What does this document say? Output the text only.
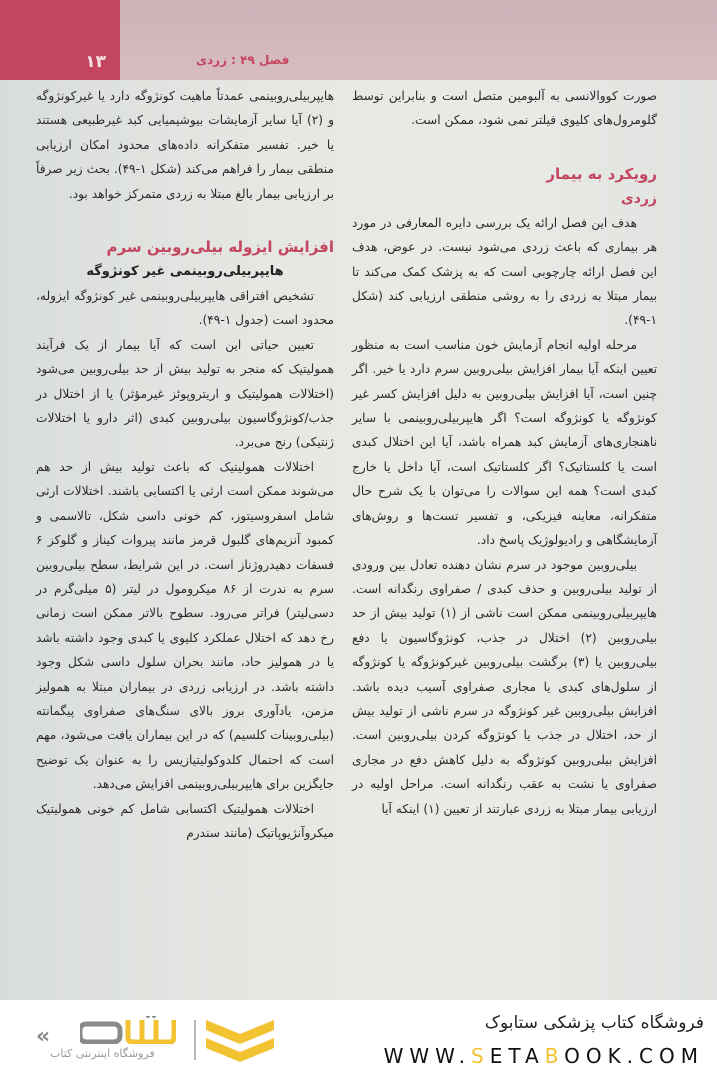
۱۳	فصل ۴۹ : زردی

صورت کووالانسی به آلبومین متصل است و بنابراین توسط گلومرول‌های کلیوی فیلتر نمی شود، ممکن است.

رویکرد به بیمار
زردی

هدف این فصل ارائه یک بررسی دایره المعارفی در مورد هر بیماری که باعث زردی می‌شود نیست. در عوض، هدف این فصل ارائه چارچوبی است که به پزشک کمک می‌کند تا بیمار مبتلا به زردی را به روشی منطقی ارزیابی کند (شکل ۱-۴۹).

مرحله اولیه انجام آزمایش خون مناسب است به منظور تعیین اینکه آیا بیمار افزایش بیلی‌روبین سرم دارد یا خیر. اگر چنین است، آیا افزایش بیلی‌روبین به دلیل افزایش کسر غیر کونژوگه یا کونژوگه است؟ اگر هایپربیلی‌روبینمی با سایر ناهنجاری‌های آزمایش کبد همراه باشد، آیا این اختلال کبدی است یا کلستاتیک؟ اگر کلستاتیک است، آیا داخل یا خارج کبدی است؟ همه این سوالات را می‌توان با یک شرح حال متفکرانه، معاینه فیزیکی، و تفسیر تست‌ها و روش‌های آزمایشگاهی و رادیولوژیک پاسخ داد.

بیلی‌روبین موجود در سرم نشان دهنده تعادل بین ورودی از تولید بیلی‌روبین و حذف کبدی / صفراوی رنگدانه است. هایپربیلی‌روبینمی ممکن است ناشی از (۱) تولید بیش از حد بیلی‌روبین (۲) اختلال در جذب، کونژوگاسیون یا دفع بیلی‌روبین یا (۳) برگشت بیلی‌روبین غیرکونژوگه یا کونژوگه از سلول‌های کبدی یا مجاری صفراوی آسیب دیده باشد. افزایش بیلی‌روبین غیر کونژوگه در سرم ناشی از تولید بیش از حد، اختلال در جذب یا کونژوگه کردن بیلی‌روبین است. افزایش بیلی‌روبین کونژوگه به دلیل کاهش دفع در مجاری صفراوی یا نشت به عقب رنگدانه است. مراحل اولیه در ارزیابی بیمار مبتلا به زردی عبارتند از تعیین (۱) اینکه آیا

هایپربیلی‌روبینمی عمدتاً ماهیت کونژوگه دارد یا غیرکونژوگه و (۲) آیا سایر آزمایشات بیوشیمیایی کبد غیرطبیعی هستند یا خیر. تفسیر متفکرانه داده‌های محدود امکان ارزیابی منطقی بیمار را فراهم می‌کند (شکل ۱-۴۹). بحث زیر صرفاً بر ارزیابی بیمار بالغ مبتلا به زردی متمرکز خواهد بود.

افزایش ایزوله بیلی‌روبین سرم
هایپربیلی‌روبینمی غیر کونژوگه

تشخیص افتراقی هایپربیلی‌روبینمی غیر کونژوگه ایزوله، محدود است (جدول ۱-۴۹).

تعیین حیاتی این است که آیا بیمار از یک فرآیند همولیتیک که منجر به تولید بیش از حد بیلی‌روبین می‌شود (اختلالات همولیتیک و اریتروپوئز غیرمؤثر) یا از اختلال در جذب/کونژوگاسیون بیلی‌روبین کبدی (اثر دارو یا اختلالات ژنتیکی) رنج می‌برد.

اختلالات همولیتیک که باعث تولید بیش از حد هم می‌شوند ممکن است ارثی یا اکتسابی باشند. اختلالات ارثی شامل اسفروسیتوز، کم خونی داسی شکل، تالاسمی و کمبود آنزیم‌های گلبول قرمز مانند پیروات کیناز و گلوکز ۶ فسفات دهیدروژناز است. در این شرایط، سطح بیلی‌روبین سرم به ندرت از ۸۶ میکرومول در لیتر (۵ میلی‌گرم در دسی‌لیتر) فراتر می‌رود. سطوح بالاتر ممکن است زمانی رخ دهد که اختلال عملکرد کلیوی یا کبدی وجود داشته باشد یا در همولیز حاد، مانند بحران سلول داسی شکل وجود داشته باشد. در ارزیابی زردی در بیماران مبتلا به همولیز مزمن، یادآوری بروز بالای سنگ‌های صفراوی پیگمانته (بیلی‌روبینات کلسیم) که در این بیماران یافت می‌شود، مهم است که احتمال کلدوکولیتیازیس را به عنوان یک توضیح جایگزین برای هایپربیلی‌روبینمی افزایش می‌دهد.

اختلالات همولیتیک اکتسابی شامل کم خونی همولیتیک میکروآنژیوپاتیک (مانند سندرم

«
فروشگاه اینترنتی کتاب
فروشگاه کتاب پزشکی ستابوک
WWW.SETABOOK.COM
